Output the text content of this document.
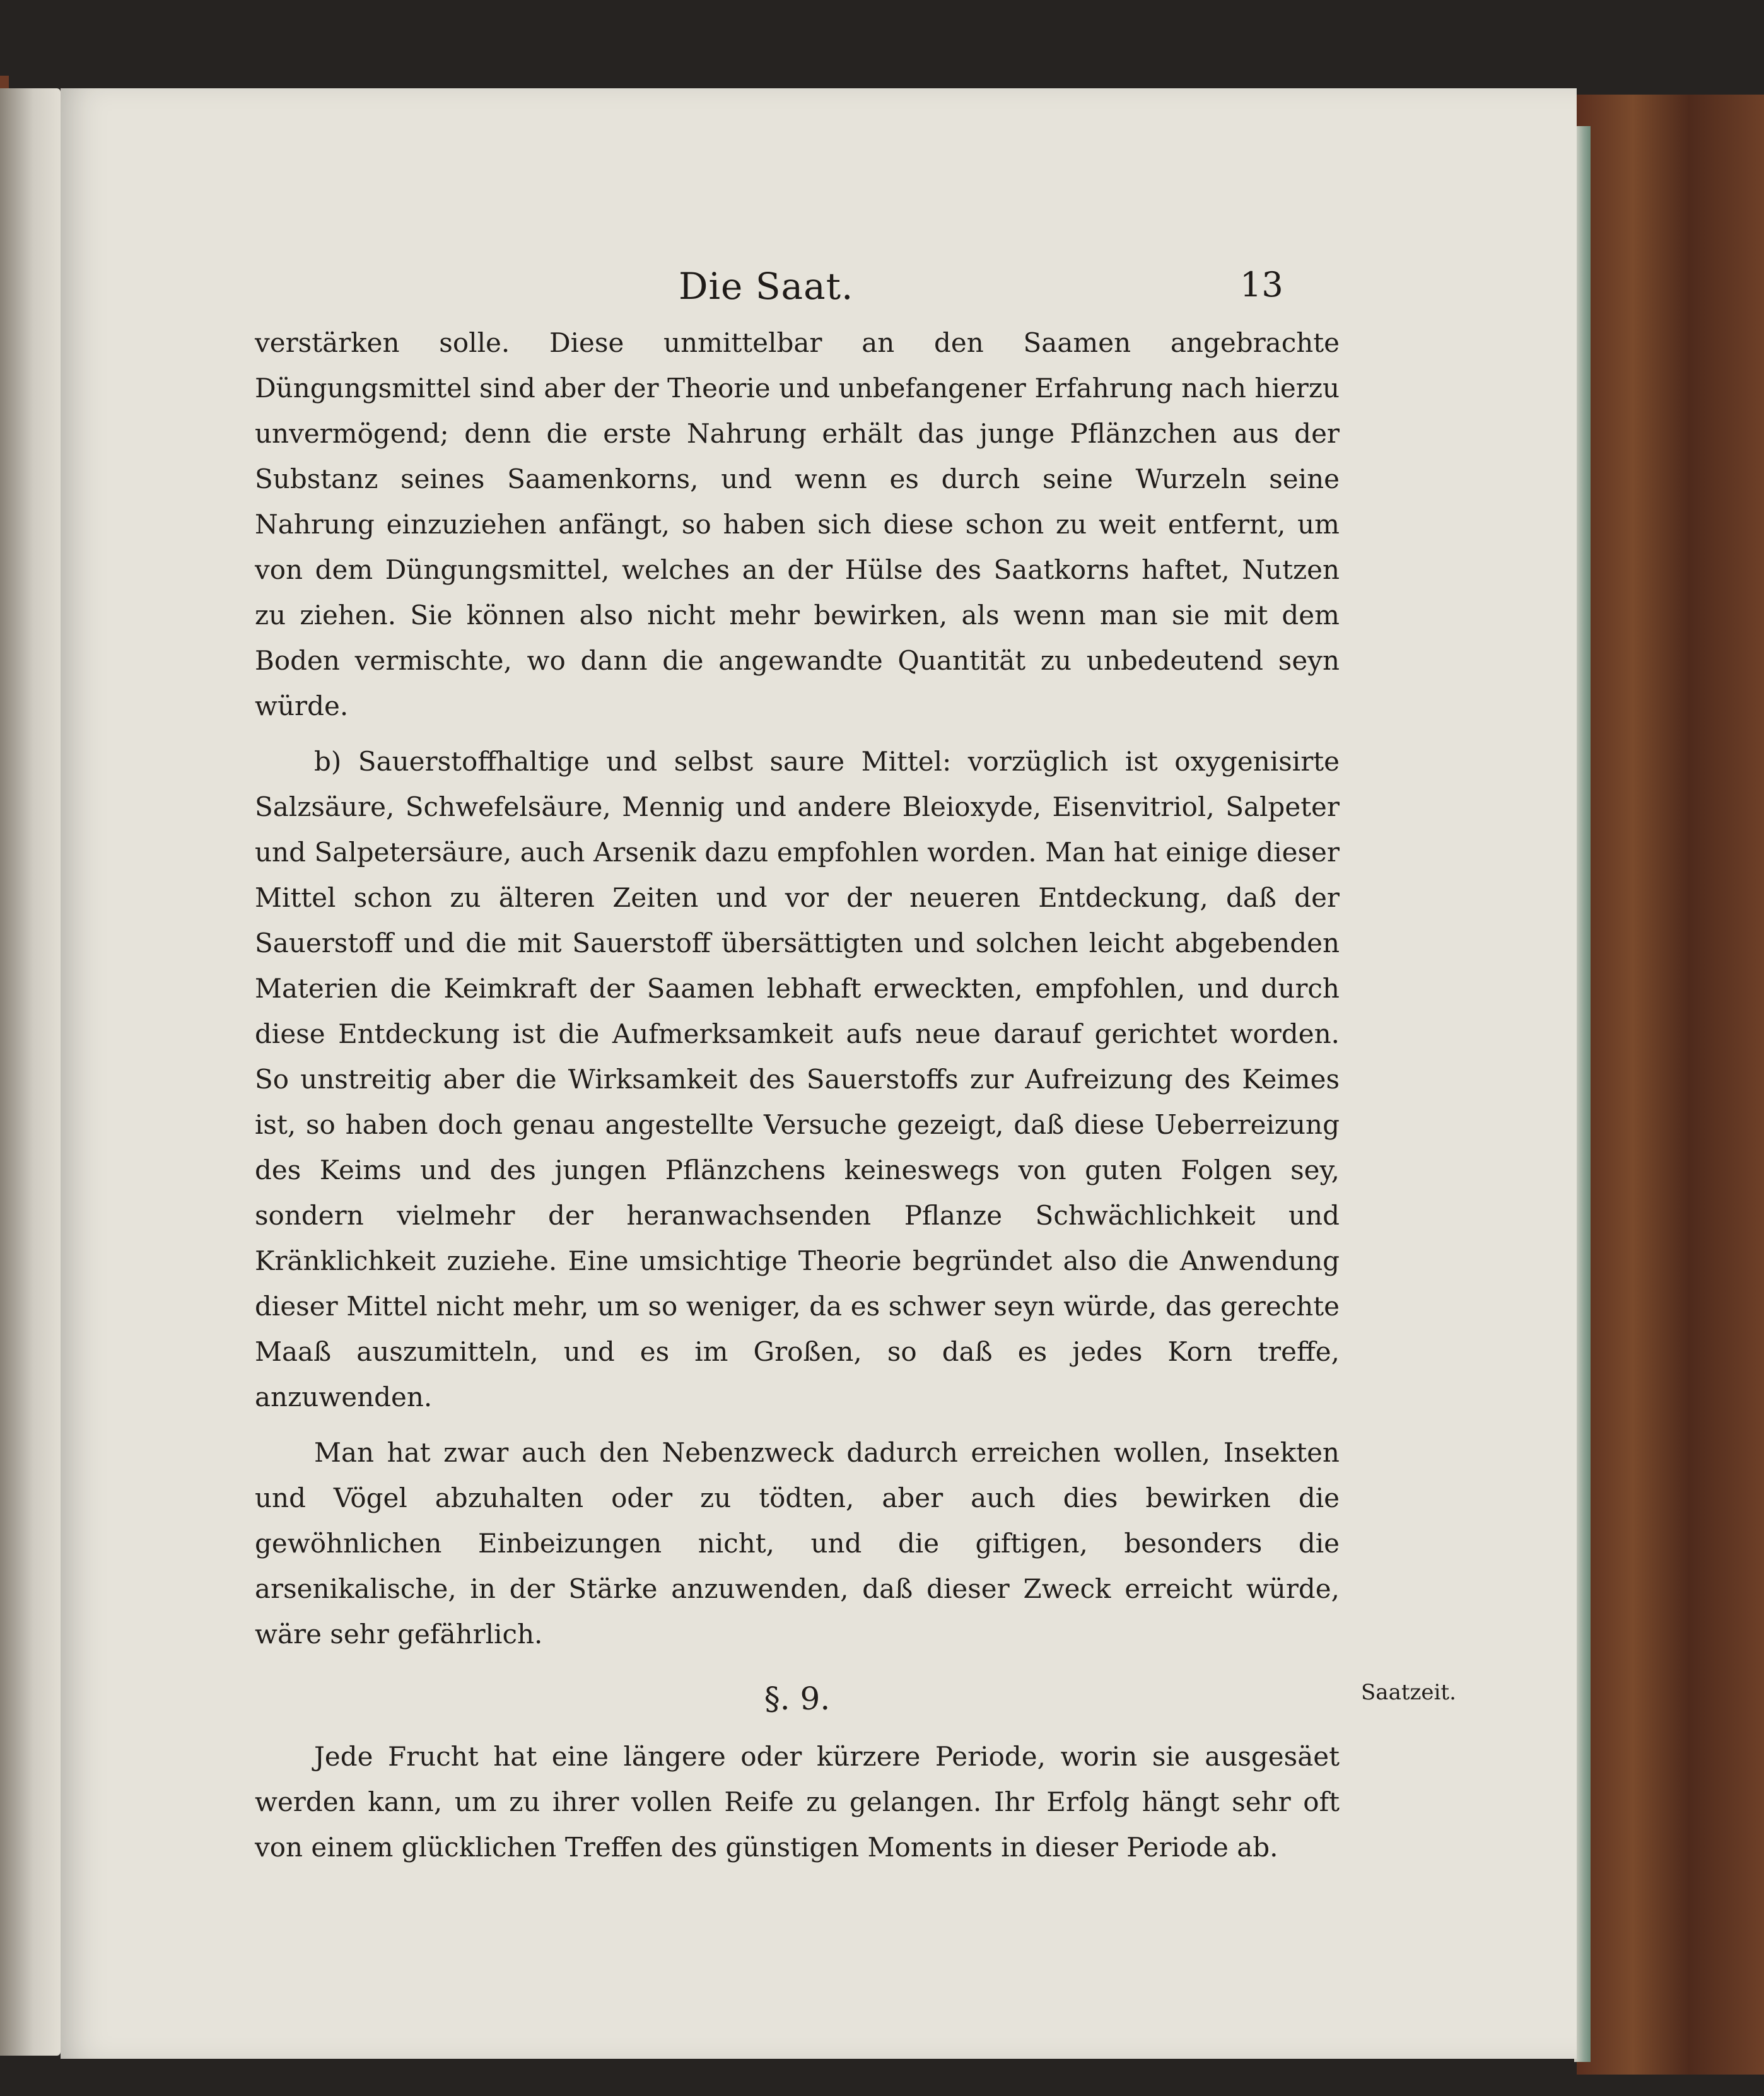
Die Saat.	13

verstärken solle. Diese unmittelbar an den Saamen angebrachte Düngungsmittel sind aber der Theorie und unbefangener Erfahrung nach hierzu unvermögend; denn die erste Nahrung erhält das junge Pflänzchen aus der Substanz seines Saamenkorns, und wenn es durch seine Wurzeln seine Nahrung einzuziehen anfängt, so haben sich diese schon zu weit entfernt, um von dem Düngungsmittel, welches an der Hülse des Saatkorns haftet, Nutzen zu ziehen. Sie können also nicht mehr bewirken, als wenn man sie mit dem Boden vermischte, wo dann die angewandte Quantität zu unbedeutend seyn würde.

b) Sauerstoffhaltige und selbst saure Mittel: vorzüglich ist oxygenisirte Salzsäure, Schwefelsäure, Mennig und andere Bleioxyde, Eisenvitriol, Salpeter und Salpetersäure, auch Arsenik dazu empfohlen worden. Man hat einige dieser Mittel schon zu älteren Zeiten und vor der neueren Entdeckung, daß der Sauerstoff und die mit Sauerstoff übersättigten und solchen leicht abgebenden Materien die Keimkraft der Saamen lebhaft erweckten, empfohlen, und durch diese Entdeckung ist die Aufmerksamkeit aufs neue darauf gerichtet worden. So unstreitig aber die Wirksamkeit des Sauerstoffs zur Aufreizung des Keimes ist, so haben doch genau angestellte Versuche gezeigt, daß diese Ueberreizung des Keims und des jungen Pflänzchens keineswegs von guten Folgen sey, sondern vielmehr der heranwachsenden Pflanze Schwächlichkeit und Kränklichkeit zuziehe. Eine umsichtige Theorie begründet also die Anwendung dieser Mittel nicht mehr, um so weniger, da es schwer seyn würde, das gerechte Maaß auszumitteln, und es im Großen, so daß es jedes Korn treffe, anzuwenden.

Man hat zwar auch den Nebenzweck dadurch erreichen wollen, Insekten und Vögel abzuhalten oder zu tödten, aber auch dies bewirken die gewöhnlichen Einbeizungen nicht, und die giftigen, besonders die arsenikalische, in der Stärke anzuwenden, daß dieser Zweck erreicht würde, wäre sehr gefährlich.

§. 9.

Jede Frucht hat eine längere oder kürzere Periode, worin sie ausgesäet werden kann, um zu ihrer vollen Reife zu gelangen. Ihr Erfolg hängt sehr oft von einem glücklichen Treffen des günstigen Moments in dieser Periode ab.

Saatzeit.
